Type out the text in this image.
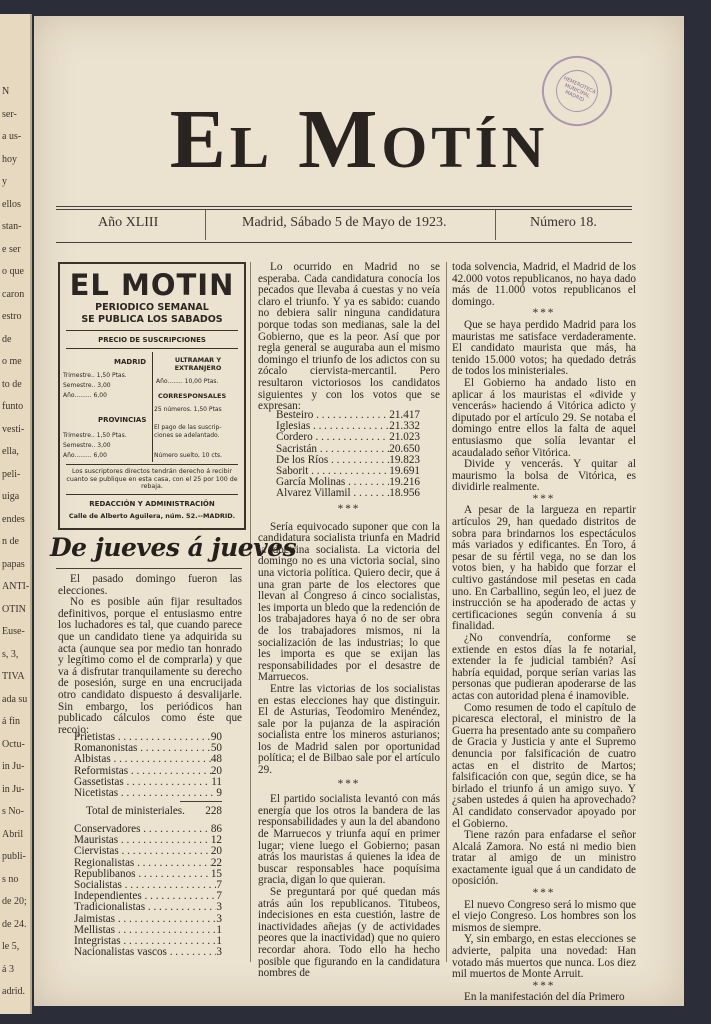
N
ser-
a us-
hoy
y
ellos
stan-
e ser
o que
caron
estro
de
o me
to de
funto
vesti-
ella,
peli-
uiga
endes
n de
papas
ANTI-
OTIN
Euse-
s, 3,
TIVA
ada su
á fin
Octu-
in Ju-
in Ju-
s No-
Abril
publi-
s no
de 20;
de 24.
le 5,
á 3
adrid.
HEMEROTECA MUNICIPAL MADRID
El Motín
Año XLIII	Madrid, Sábado 5 de Mayo de 1923.	Número 18.
EL MOTIN
PERIODICO SEMANAL
SE PUBLICA LOS SABADOS
PRECIO DE SUSCRIPCIONES
MADRID
Trimestre.. 1,50 Ptas.
Semestre.. 3,00
Año......... 6,00
ULTRAMAR Y EXTRANJERO
Año........ 10,00 Ptas.
CORRESPONSALES
25 números. 1,50 Ptas
El pago de las suscrip- ciones se adelantado.
PROVINCIAS
Trimestre.. 1,50 Ptas.
Semestre.. 3,00
Año......... 6,00	Número suelto, 10 cts.
Los suscriptores directos tendrán derecho á recibir cuanto se publique en esta casa, con el 25 por 100 de rebaja.
REDACCIÓN Y ADMINISTRACIÓN
Calle de Alberto Aguilera, núm. 52.--MADRID.
De jueves á jueves

El pasado domingo fueron las elecciones.

No es posible aún fijar resultados definitivos, porque el entusiasmo entre los luchadores es tal, que cuando parece que un candidato tiene ya adquirida su acta (aunque sea por medio tan honrado y legítimo como el de comprarla) y que va á disfrutar tranquilamente su derecho de posesión, surge en una encrucijada otro candidato dispuesto á desvalijarle. Sin embargo, los periódicos han publicado cálculos como éste que recojo:

Prietistas . . .	90
Romanonistas . . .	50
Albistas . . .	48
Reformistas . . .	20
Gassetistas . . .	11
Nicetistas . . .	9
Total de ministeriales. 228
Conservadores . . .	86
Mauristas . . .	12
Ciervistas . . .	20
Regionalistas . . .	22
Republibanos . . .	15
Socialistas . . .	7
Independientes . . .	7
Tradicionalistas . . .	3
Jaimistas . . .	3
Mellistas . . .	1
Integristas . . .	1
Nacionalistas vascos . . .	3

Lo ocurrido en Madrid no se esperaba. Cada candidatura conocía los pecados que llevaba á cuestas y no veía claro el triunfo. Y ya es sabido: cuando no debiera salir ninguna candidatura porque todas son medianas, sale la del Gobierno, que es la peor. Así que por regla general se auguraba aun el mismo domingo el triunfo de los adictos con su zócalo ciervista-mercantil. Pero resultaron victoriosos los candidatos siguientes y con los votos que se expresan:

Besteiro . . .	21.417
Iglesias . . .	21.332
Cordero . . .	21.023
Sacristán . . .	20.650
De los Ríos . . .	19.823
Saborit . . .	19.691
García Molinas . . .	19.216
Alvarez Villamil . . .	18.956

***

Sería equivocado suponer que con la candidatura socialista triunfa en Madrid la doctrina socialista. La victoria del domingo no es una victoria social, sino una victoria política. Quiero decir, que á una gran parte de los electores que llevan al Congreso á cinco socialistas, les importa un bledo que la redención de los trabajadores haya ó no de ser obra de los trabajadores mismos, ni la socialización de las industrias; lo que les importa es que se exijan las responsabilidades por el desastre de Marruecos.

Entre las victorias de los socialistas en estas elecciones hay que distinguir. El de Asturias, Teodomiro Menéndez, sale por la pujanza de la aspiración socialista entre los mineros asturianos; los de Madrid salen por oportunidad política; el de Bilbao sale por el artículo 29.

***

El partido socialista levantó con más energía que los otros la bandera de las responsabilidades y aun la del abandono de Marruecos y triunfa aquí en primer lugar; viene luego el Gobierno; pasan atrás los mauristas á quienes la idea de buscar responsables hace poquísima gracia, digan lo que quieran.

Se preguntará por qué quedan más atrás aún los republicanos. Titubeos, indecisiones en esta cuestión, lastre de inactividades añejas (y de actividades peores que la inactividad) que no quiero recordar ahora. Todo ello ha hecho posible que figurando en la candidatura nombres de

toda solvencia, Madrid, el Madrid de los 42.000 votos republicanos, no haya dado más de 11.000 votos republicanos el domingo.

***

Que se haya perdido Madrid para los mauristas me satisface verdaderamente. El candidato maurista que más, ha tenido 15.000 votos; ha quedado detrás de todos los ministeriales.

El Gobierno ha andado listo en aplicar á los mauristas el «divide y vencerás» haciendo á Vitórica adicto y diputado por el artículo 29. Se notaba el domingo entre ellos la falta de aquel entusiasmo que solía levantar el acaudalado señor Vitórica.

Divide y vencerás. Y quitar al maurismo la bolsa de Vitórica, es dividirle realmente.

***

A pesar de la largueza en repartir artículos 29, han quedado distritos de sobra para brindarnos los espectáculos más variados y edificantes. En Toro, á pesar de su fértil vega, no se dan los votos bien, y ha habido que forzar el cultivo gastándose mil pesetas en cada uno. En Carballino, según leo, el juez de instrucción se ha apoderado de actas y certificaciones según convenía á su finalidad.

¿No convendría, conforme se extiende en estos días la fe notarial, extender la fe judicial también? Así habría equidad, porque serían varias las personas que pudieran apoderarse de las actas con autoridad plena é inamovible.

Como resumen de todo el capítulo de picaresca electoral, el ministro de la Guerra ha presentado ante su compañero de Gracia y Justicia y ante el Supremo denuncia por falsificación de cuatro actas en el distrito de Martos; falsificación con que, según dice, se ha birlado el triunfo á un amigo suyo. Y ¿saben ustedes á quien ha aprovechado? Al candidato conservador apoyado por el Gobierno.

Tiene razón para enfadarse el señor Alcalá Zamora. No está ni medio bien tratar al amigo de un ministro exactamente igual que á un candidato de oposición.

***

El nuevo Congreso será lo mismo que el viejo Congreso. Los hombres son los mismos de siempre.

Y, sin embargo, en estas elecciones se advierte, palpita una novedad: Han votado más muertos que nunca. Los diez mil muertos de Monte Arruit.

***

En la manifestación del día Primero
